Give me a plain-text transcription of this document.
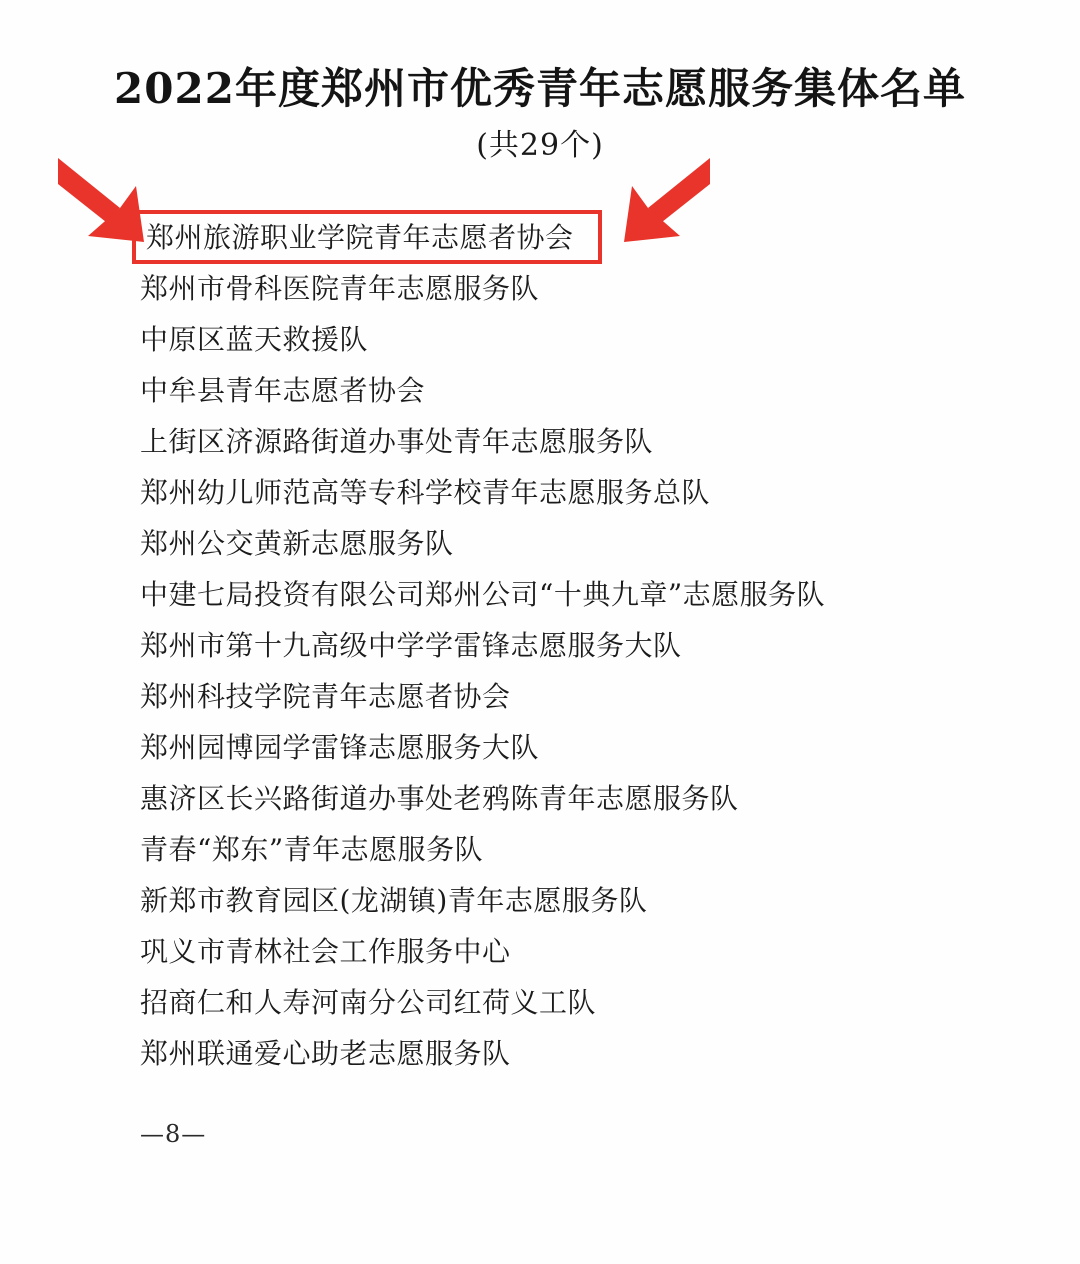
2022年度郑州市优秀青年志愿服务集体名单
(共29个)
郑州旅游职业学院青年志愿者协会
郑州市骨科医院青年志愿服务队
中原区蓝天救援队
中牟县青年志愿者协会
上街区济源路街道办事处青年志愿服务队
郑州幼儿师范高等专科学校青年志愿服务总队
郑州公交黄新志愿服务队
中建七局投资有限公司郑州公司“十典九章”志愿服务队
郑州市第十九高级中学学雷锋志愿服务大队
郑州科技学院青年志愿者协会
郑州园博园学雷锋志愿服务大队
惠济区长兴路街道办事处老鸦陈青年志愿服务队
青春“郑东”青年志愿服务队
新郑市教育园区(龙湖镇)青年志愿服务队
巩义市青林社会工作服务中心
招商仁和人寿河南分公司红荷义工队
郑州联通爱心助老志愿服务队
—8—
